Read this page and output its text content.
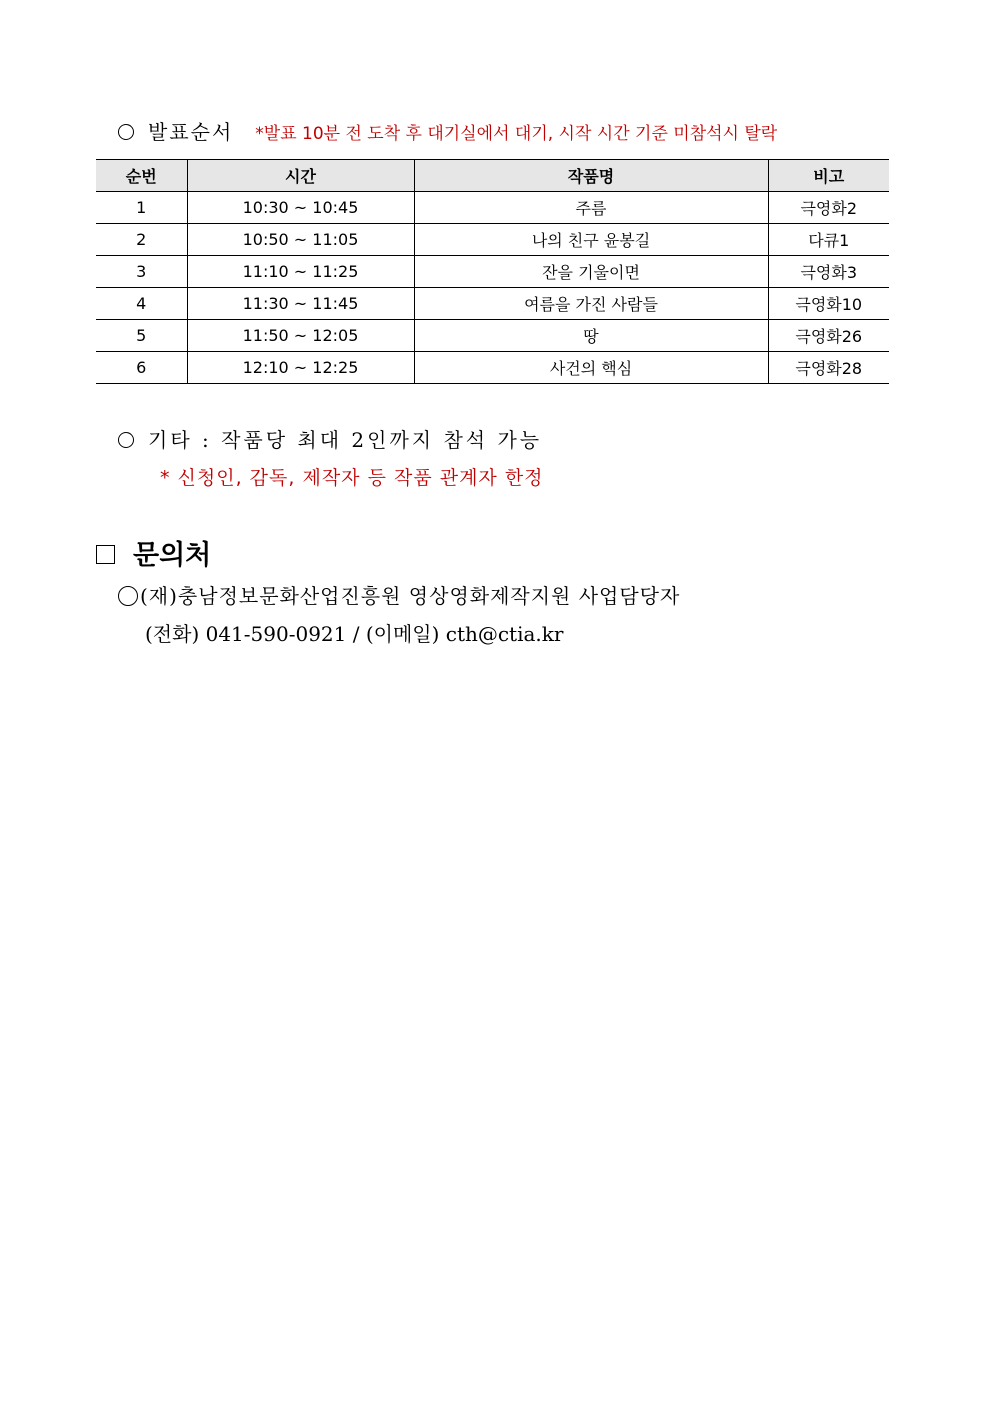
발표순서 *발표 10분 전 도착 후 대기실에서 대기, 시작 시간 기준 미참석시 탈락
순번	시간	작품명	비고
1	10:30 ~ 10:45	주름	극영화2
2	10:50 ~ 11:05	나의 친구 윤봉길	다큐1
3	11:10 ~ 11:25	잔을 기울이면	극영화3
4	11:30 ~ 11:45	여름을 가진 사람들	극영화10
5	11:50 ~ 12:05	땅	극영화26
6	12:10 ~ 12:25	사건의 핵심	극영화28
기타 : 작품당 최대 2인까지 참석 가능
* 신청인, 감독, 제작자 등 작품 관계자 한정
문의처
(재)충남정보문화산업진흥원 영상영화제작지원 사업담당자
(전화) 041-590-0921 / (이메일) cth@ctia.kr
